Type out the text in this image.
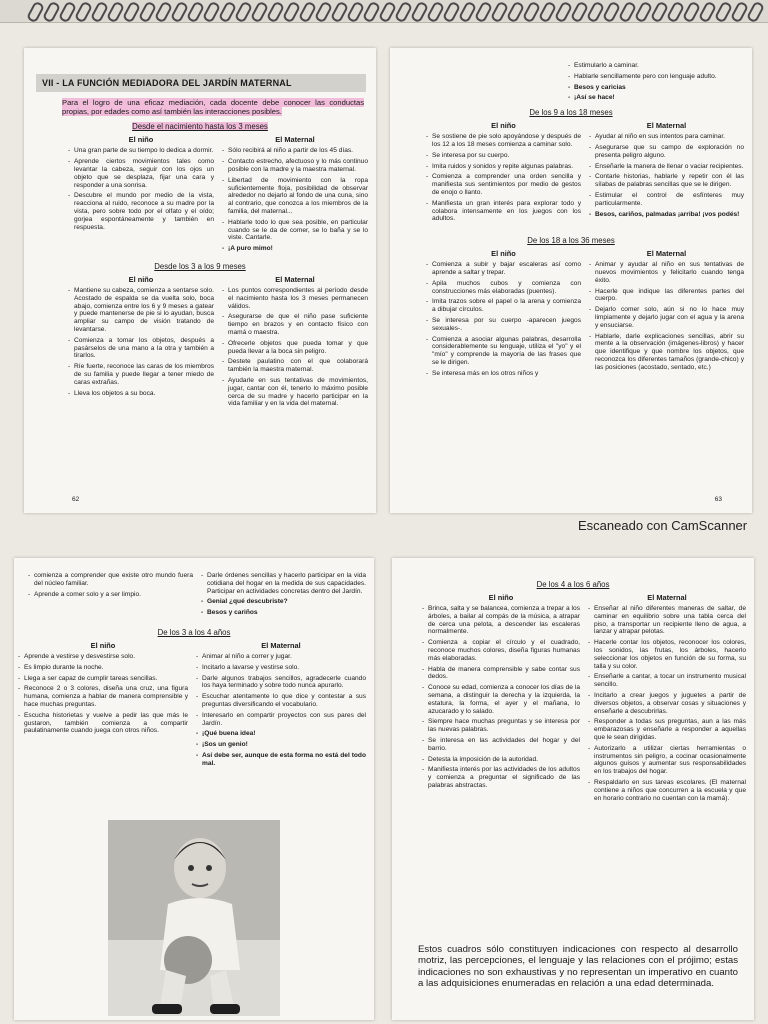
VII - LA FUNCIÓN MEDIADORA DEL JARDÍN MATERNAL

Para el logro de una eficaz mediación, cada docente debe conocer las conductas propias, por edades como así también las interacciones posibles.

Desde el nacimiento hasta los 3 meses
El niño
- Una gran parte de su tiempo lo dedica a dormir.
- Aprende ciertos movimientos tales como levantar la cabeza, seguir con los ojos un objeto que se desplaza, fijar una cara y responder a una sonrisa.
- Descubre el mundo por medio de la vista, reacciona al ruido, reconoce a su madre por la vista, pero sobre todo por el olfato y el oído; gorjea espontáneamente y también en respuesta.
El Maternal
- Sólo recibirá al niño a partir de los 45 días.
- Contacto estrecho, afectuoso y lo más continuo posible con la madre y la maestra maternal.
- Libertad de movimiento con la ropa suficientemente floja, posibilidad de observar alrededor no dejarlo al fondo de una cuna, sino al contrario, que conozca a los miembros de la familia, del maternal...
- Hablarle todo lo que sea posible, en particular cuando se le da de comer, se lo baña y se lo viste. Cantarle.
- ¡A puro mimo!
Desde los 3 a los 9 meses
El niño
- Mantiene su cabeza, comienza a sentarse solo. Acostado de espalda se da vuelta solo, boca abajo, comienza entre los 6 y 9 meses a gatear y puede mantenerse de pie si lo ayudan, busca ampliar su campo de visión tratando de levantarse.
- Comienza a tomar los objetos, después a pasárselos de una mano a la otra y también a tirarlos.
- Ríe fuerte, reconoce las caras de los miembros de su familia y puede llegar a tener miedo de caras extrañas.
- Lleva los objetos a su boca.
El Maternal
- Los puntos correspondientes al período desde el nacimiento hasta los 3 meses permanecen válidos.
- Asegurarse de que el niño pase suficiente tiempo en brazos y en contacto físico con mamá o maestra.
- Ofrecerle objetos que pueda tomar y que pueda llevar a la boca sin peligro.
- Destete paulatino con el que colaborará también la maestra maternal.
- Ayudarle en sus tentativas de movimientos, jugar, cantar con él, tenerlo lo máximo posible cerca de su madre y hacerlo participar en la vida familiar y en la vida del maternal.
62
- Estimularlo a caminar.
- Hablarle sencillamente pero con lenguaje adulto.
- Besos y caricias
- ¡Así se hace!
De los 9 a los 18 meses
El niño
- Se sostiene de pie solo apoyándose y después de los 12 a los 18 meses comienza a caminar solo.
- Se interesa por su cuerpo.
- Imita ruidos y sonidos y repite algunas palabras.
- Comienza a comprender una orden sencilla y manifiesta sus sentimientos por medio de gestos de enojo o llanto.
- Manifiesta un gran interés para explorar todo y colabora intensamente en los juegos con los adultos.
El Maternal
- Ayudar al niño en sus intentos para caminar.
- Asegurarse que su campo de exploración no presenta peligro alguno.
- Enseñarle la manera de llenar o vaciar recipientes.
- Contarle historias, hablarle y repetir con él las sílabas de palabras sencillas que se le dirigen.
- Estimular el control de esfínteres muy particularmente.
- Besos, cariños, palmadas ¡arriba! ¡vos podés!
De los 18 a los 36 meses
El niño
- Comienza a subir y bajar escaleras así como aprende a saltar y trepar.
- Apila muchos cubos y comienza con construcciones más elaboradas (puentes).
- Imita trazos sobre el papel o la arena y comienza a dibujar círculos.
- Se interesa por su cuerpo -aparecen juegos sexuales-.
- Comienza a asociar algunas palabras, desarrolla considerablemente su lenguaje, utiliza el "yo" y el "mío" y comprende la mayoría de las frases que se le dirigen.
- Se interesa más en los otros niños y
El Maternal
- Animar y ayudar al niño en sus tentativas de nuevos movimientos y felicitarlo cuando tenga éxito.
- Hacerle que indique las diferentes partes del cuerpo.
- Dejarlo comer solo, aún si no lo hace muy limpiamente y dejarlo jugar con el agua y la arena y ensuciarse.
- Hablarle, darle explicaciones sencillas, abrir su mente a la observación (imágenes-libros) y hacer que identifique y que nombre los objetos, que reconozca los diferentes tamaños (grande-chico) y las posiciones (acostado, sentado, etc.)
63
Escaneado con CamScanner
- comienza a comprender que existe otro mundo fuera del núcleo familiar.
- Aprende a comer solo y a ser limpio.
- Darle órdenes sencillas y hacerlo participar en la vida cotidiana del hogar en la medida de sus capacidades. Participar en actividades concretas dentro del Jardín.
- Genial ¿qué descubriste?
- Besos y cariños
De los 3 a los 4 años
El niño
- Aprende a vestirse y desvestirse solo.
- Es limpio durante la noche.
- Llega a ser capaz de cumplir tareas sencillas.
- Reconoce 2 o 3 colores, diseña una cruz, una figura humana, comienza a hablar de manera comprensible y hace muchas preguntas.
- Escucha historietas y vuelve a pedir las que más le gustaron, también comienza a compartir paulatinamente cuando juega con otros niños.
El Maternal
- Animar al niño a correr y jugar.
- Incitarlo a lavarse y vestirse solo.
- Darle algunos trabajos sencillos, agradecerle cuando los haya terminado y sobre todo nunca apurarlo.
- Escuchar atentamente lo que dice y contestar a sus preguntas diversificando el vocabulario.
- Interesarlo en compartir proyectos con sus pares del Jardín.
- ¡Qué buena idea!
- ¡Sos un genio!
- Así debe ser, aunque de esta forma no está del todo mal.
De los 4 a los 6 años
El niño
- Brinca, salta y se balancea, comienza a trepar a los árboles, a bailar al compás de la música, a atrapar de cerca una pelota, a descender las escaleras normalmente.
- Comienza a copiar el círculo y el cuadrado, reconoce muchos colores, diseña figuras humanas más elaboradas.
- Habla de manera comprensible y sabe contar sus dedos.
- Conoce su edad, comienza a conocer los días de la semana, a distinguir la derecha y la izquierda, la estatura, la forma, el ayer y el mañana, lo azucarado y lo salado.
- Siempre hace muchas preguntas y se interesa por las nuevas palabras.
- Se interesa en las actividades del hogar y del barrio.
- Detesta la imposición de la autoridad.
- Manifiesta interés por las actividades de los adultos y comienza a preguntar el significado de las palabras abstractas.
El Maternal
- Enseñar al niño diferentes maneras de saltar, de caminar en equilibrio sobre una tabla cerca del piso, a transportar un recipiente lleno de agua, a lanzar y atrapar pelotas.
- Hacerle contar los objetos, reconocer los colores, los sonidos, las frutas, los árboles, hacerlo seleccionar los objetos en función de su forma, su talla y su color.
- Enseñarle a cantar, a tocar un instrumento musical sencillo.
- Incitarlo a crear juegos y juguetes a partir de diversos objetos, a observar cosas y situaciones y enseñarle a descubrirlas.
- Responder a todas sus preguntas, aun a las más embarazosas y enseñarle a responder a aquellas que le sean dirigidas.
- Autorizarlo a utilizar ciertas herramientas o instrumentos sin peligro, a cocinar ocasionalmente algunos guisos y aumentar sus responsabilidades en los trabajos del hogar.
- Respaldarlo en sus tareas escolares. (El maternal contiene a niños que concurren a la escuela y que en horario contrario no cuentan con la mamá).

Estos cuadros sólo constituyen indicaciones con respecto al desarrollo motriz, las percepciones, el lenguaje y las relaciones con el prójimo; estas indicaciones no son exhaustivas y no representan un imperativo en cuanto a las adquisiciones enumeradas en relación a una edad determinada.
